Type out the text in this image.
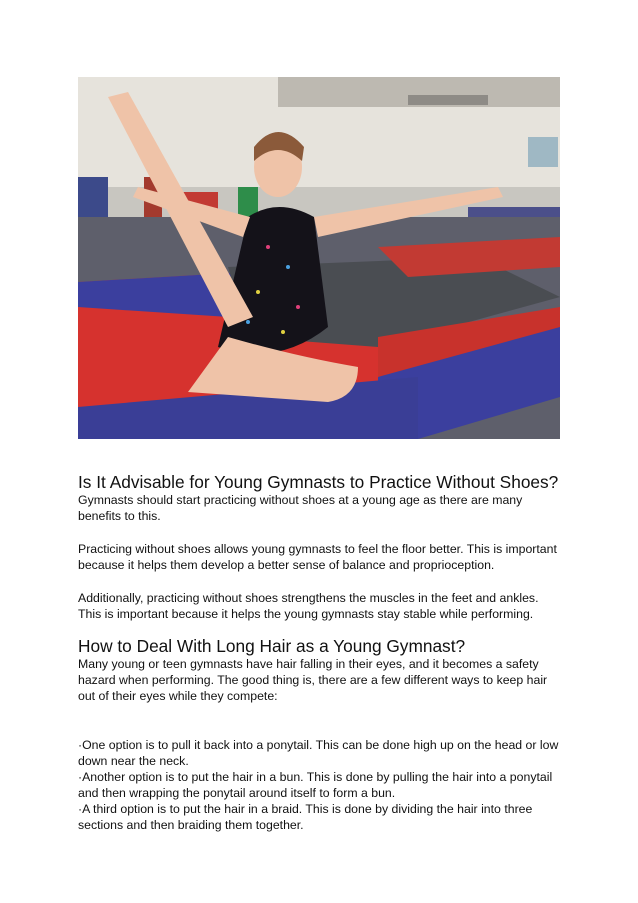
Is It Advisable for Young Gymnasts to Practice Without Shoes?

Gymnasts should start practicing without shoes at a young age as there are many benefits to this.

Practicing without shoes allows young gymnasts to feel the floor better. This is important because it helps them develop a better sense of balance and proprioception.

Additionally, practicing without shoes strengthens the muscles in the feet and ankles. This is important because it helps the young gymnasts stay stable while performing.

How to Deal With Long Hair as a Young Gymnast?

Many young or teen gymnasts have hair falling in their eyes, and it becomes a safety hazard when performing. The good thing is, there are a few different ways to keep hair out of their eyes while they compete:

·One option is to pull it back into a ponytail. This can be done high up on the head or low down near the neck.

·Another option is to put the hair in a bun. This is done by pulling the hair into a ponytail and then wrapping the ponytail around itself to form a bun.

·A third option is to put the hair in a braid. This is done by dividing the hair into three sections and then braiding them together.
